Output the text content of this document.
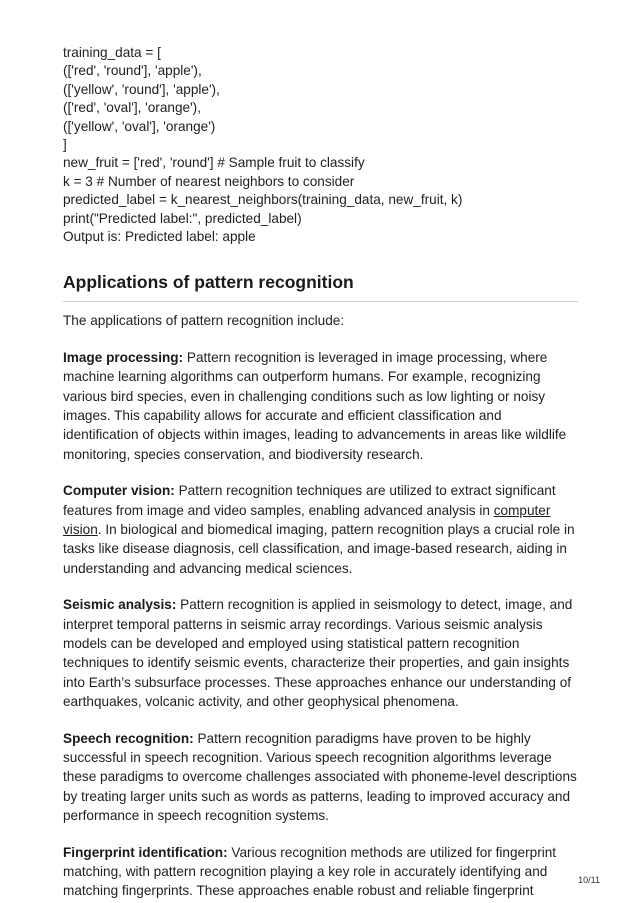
training_data = [
(['red', 'round'], 'apple'),
(['yellow', 'round'], 'apple'),
(['red', 'oval'], 'orange'),
(['yellow', 'oval'], 'orange')
]
new_fruit = ['red', 'round'] # Sample fruit to classify
k = 3 # Number of nearest neighbors to consider
predicted_label = k_nearest_neighbors(training_data, new_fruit, k)
print("Predicted label:", predicted_label)
Output is: Predicted label: apple
Applications of pattern recognition

The applications of pattern recognition include:

Image processing: Pattern recognition is leveraged in image processing, where machine learning algorithms can outperform humans. For example, recognizing various bird species, even in challenging conditions such as low lighting or noisy images. This capability allows for accurate and efficient classification and identification of objects within images, leading to advancements in areas like wildlife monitoring, species conservation, and biodiversity research.

Computer vision: Pattern recognition techniques are utilized to extract significant features from image and video samples, enabling advanced analysis in computer vision. In biological and biomedical imaging, pattern recognition plays a crucial role in tasks like disease diagnosis, cell classification, and image-based research, aiding in understanding and advancing medical sciences.

Seismic analysis: Pattern recognition is applied in seismology to detect, image, and interpret temporal patterns in seismic array recordings. Various seismic analysis models can be developed and employed using statistical pattern recognition techniques to identify seismic events, characterize their properties, and gain insights into Earth’s subsurface processes. These approaches enhance our understanding of earthquakes, volcanic activity, and other geophysical phenomena.

Speech recognition: Pattern recognition paradigms have proven to be highly successful in speech recognition. Various speech recognition algorithms leverage these paradigms to overcome challenges associated with phoneme-level descriptions by treating larger units such as words as patterns, leading to improved accuracy and performance in speech recognition systems.

Fingerprint identification: Various recognition methods are utilized for fingerprint matching, with pattern recognition playing a key role in accurately identifying and matching fingerprints. These approaches enable robust and reliable fingerprint

10/11
